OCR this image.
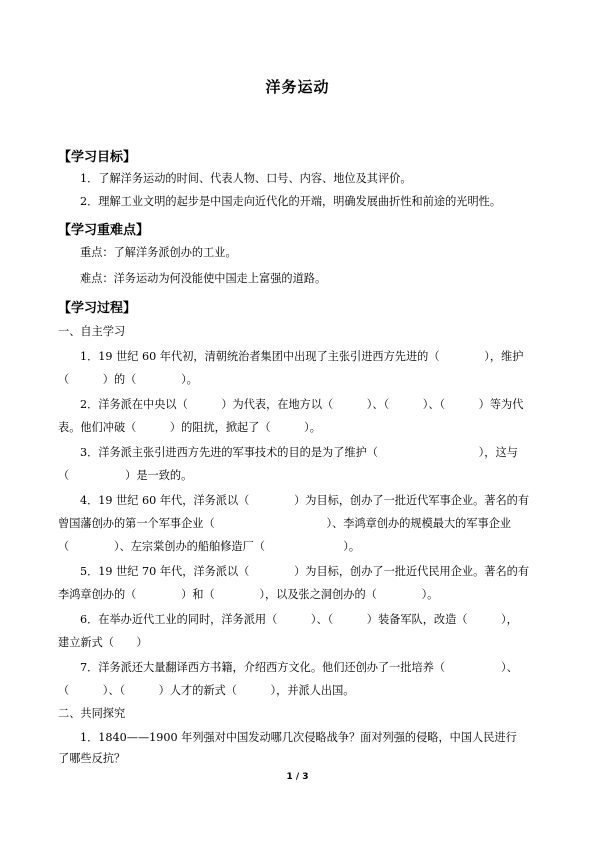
洋务运动
【学习目标】
1．了解洋务运动的时间、代表人物、口号、内容、地位及其评价。
2．理解工业文明的起步是中国走向近代化的开端，明确发展曲折性和前途的光明性。
【学习重难点】
重点：了解洋务派创办的工业。
难点：洋务运动为何没能使中国走上富强的道路。
【学习过程】
一、自主学习
1．19 世纪 60 年代初，清朝统治者集团中出现了主张引进西方先进的（　　　　），维护
（　　　）的（　　　　）。
2．洋务派在中央以（　　　）为代表，在地方以（　　　）、（　　　）、（　　　）等为代
表。他们冲破（　　　）的阻扰，掀起了（　　　）。
3．洋务派主张引进西方先进的军事技术的目的是为了维护（　　　　　　　　　），这与
（　　　　　）是一致的。
4．19 世纪 60 年代，洋务派以（　　　　）为目标，创办了一批近代军事企业。著名的有
曾国藩创办的第一个军事企业（　　　　　　　　　　）、李鸿章创办的规模最大的军事企业
（　　　　）、左宗棠创办的船舶修造厂（　　　　　　　）。
5．19 世纪 70 年代，洋务派以（　　　　）为目标，创办了一批近代民用企业。著名的有
李鸿章创办的（　　　　）和（　　　　），以及张之洞创办的（　　　　）。
6．在举办近代工业的同时，洋务派用（　　　）、（　　　）装备军队，改造（　　　），
建立新式（　　）
7．洋务派还大量翻译西方书籍，介绍西方文化。他们还创办了一批培养（　　　　　）、
（　　　）、（　　　）人才的新式（　　　），并派人出国。
二、共同探究
1．1840——1900 年列强对中国发动哪几次侵略战争？面对列强的侵略，中国人民进行
了哪些反抗？
1 / 3
